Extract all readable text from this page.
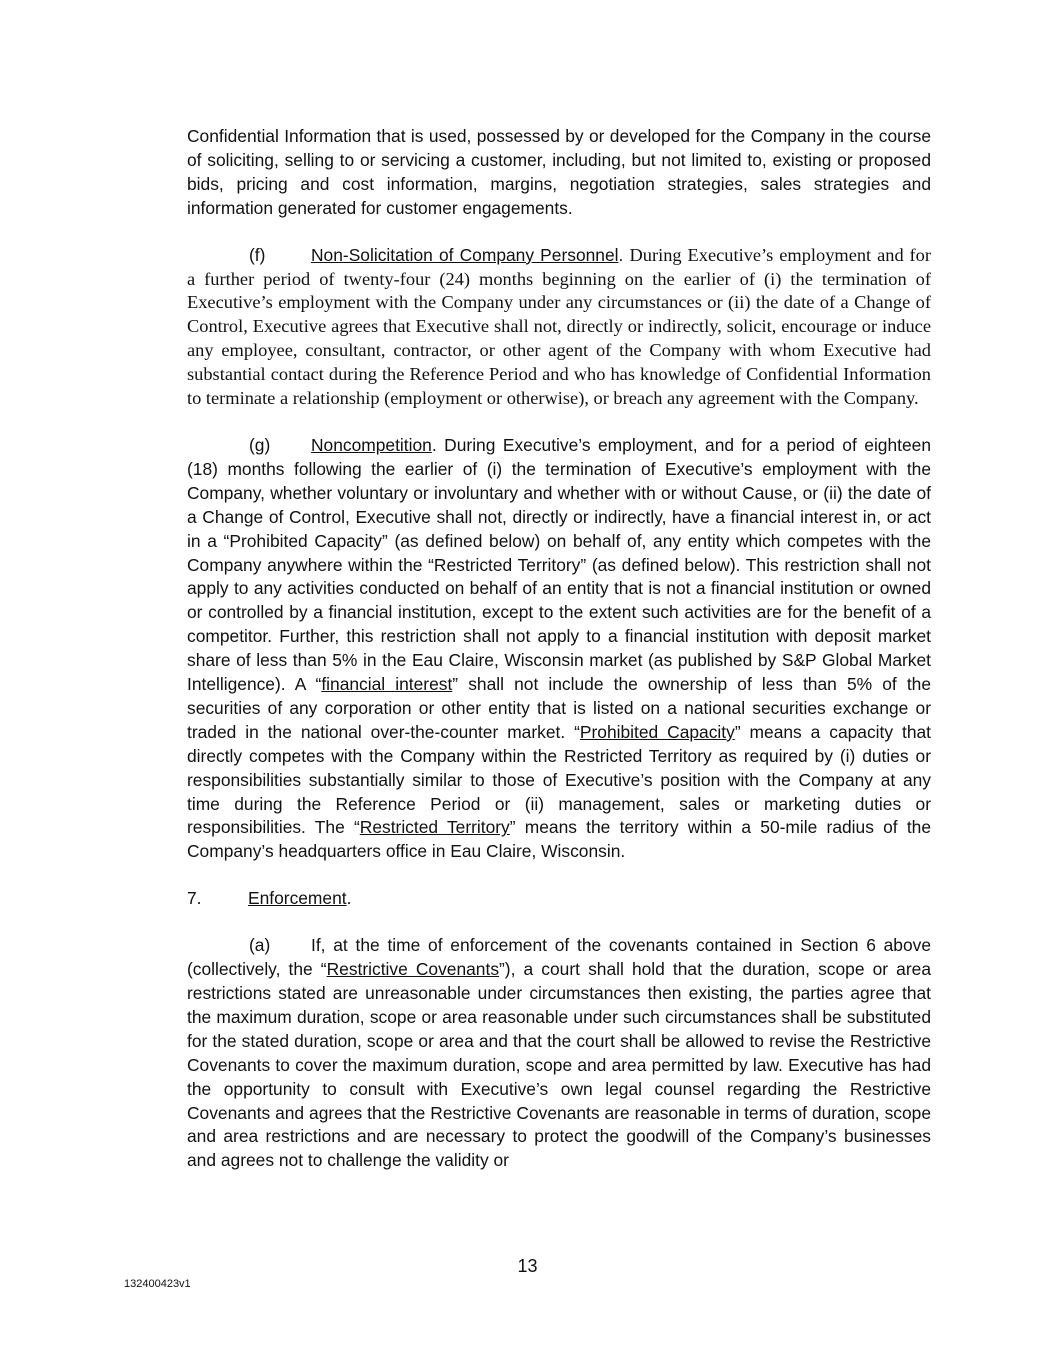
Confidential Information that is used, possessed by or developed for the Company in the course of soliciting, selling to or servicing a customer, including, but not limited to, existing or proposed bids, pricing and cost information, margins, negotiation strategies, sales strategies and information generated for customer engagements.

(f)	Non-Solicitation of Company Personnel. During Executive’s employment and for a further period of twenty-four (24) months beginning on the earlier of (i) the termination of Executive’s employment with the Company under any circumstances or (ii) the date of a Change of Control, Executive agrees that Executive shall not, directly or indirectly, solicit, encourage or induce any employee, consultant, contractor, or other agent of the Company with whom Executive had substantial contact during the Reference Period and who has knowledge of Confidential Information to terminate a relationship (employment or otherwise), or breach any agreement with the Company.

(g) Noncompetition. During Executive’s employment, and for a period of eighteen (18) months following the earlier of (i) the termination of Executive’s employment with the Company, whether voluntary or involuntary and whether with or without Cause, or (ii) the date of a Change of Control, Executive shall not, directly or indirectly, have a financial interest in, or act in a “Prohibited Capacity” (as defined below) on behalf of, any entity which competes with the Company anywhere within the “Restricted Territory” (as defined below). This restriction shall not apply to any activities conducted on behalf of an entity that is not a financial institution or owned or controlled by a financial institution, except to the extent such activities are for the benefit of a competitor. Further, this restriction shall not apply to a financial institution with deposit market share of less than 5% in the Eau Claire, Wisconsin market (as published by S&P Global Market Intelligence). A “financial interest” shall not include the ownership of less than 5% of the securities of any corporation or other entity that is listed on a national securities exchange or traded in the national over-the-counter market. “Prohibited Capacity” means a capacity that directly competes with the Company within the Restricted Territory as required by (i) duties or responsibilities substantially similar to those of Executive’s position with the Company at any time during the Reference Period or (ii) management, sales or marketing duties or responsibilities. The “Restricted Territory” means the territory within a 50-mile radius of the Company’s headquarters office in Eau Claire, Wisconsin.

7.	Enforcement.

(a) If, at the time of enforcement of the covenants contained in Section 6 above (collectively, the “Restrictive Covenants”), a court shall hold that the duration, scope or area restrictions stated are unreasonable under circumstances then existing, the parties agree that the maximum duration, scope or area reasonable under such circumstances shall be substituted for the stated duration, scope or area and that the court shall be allowed to revise the Restrictive Covenants to cover the maximum duration, scope and area permitted by law. Executive has had the opportunity to consult with Executive’s own legal counsel regarding the Restrictive Covenants and agrees that the Restrictive Covenants are reasonable in terms of duration, scope and area restrictions and are necessary to protect the goodwill of the Company’s businesses and agrees not to challenge the validity or

13
132400423v1
